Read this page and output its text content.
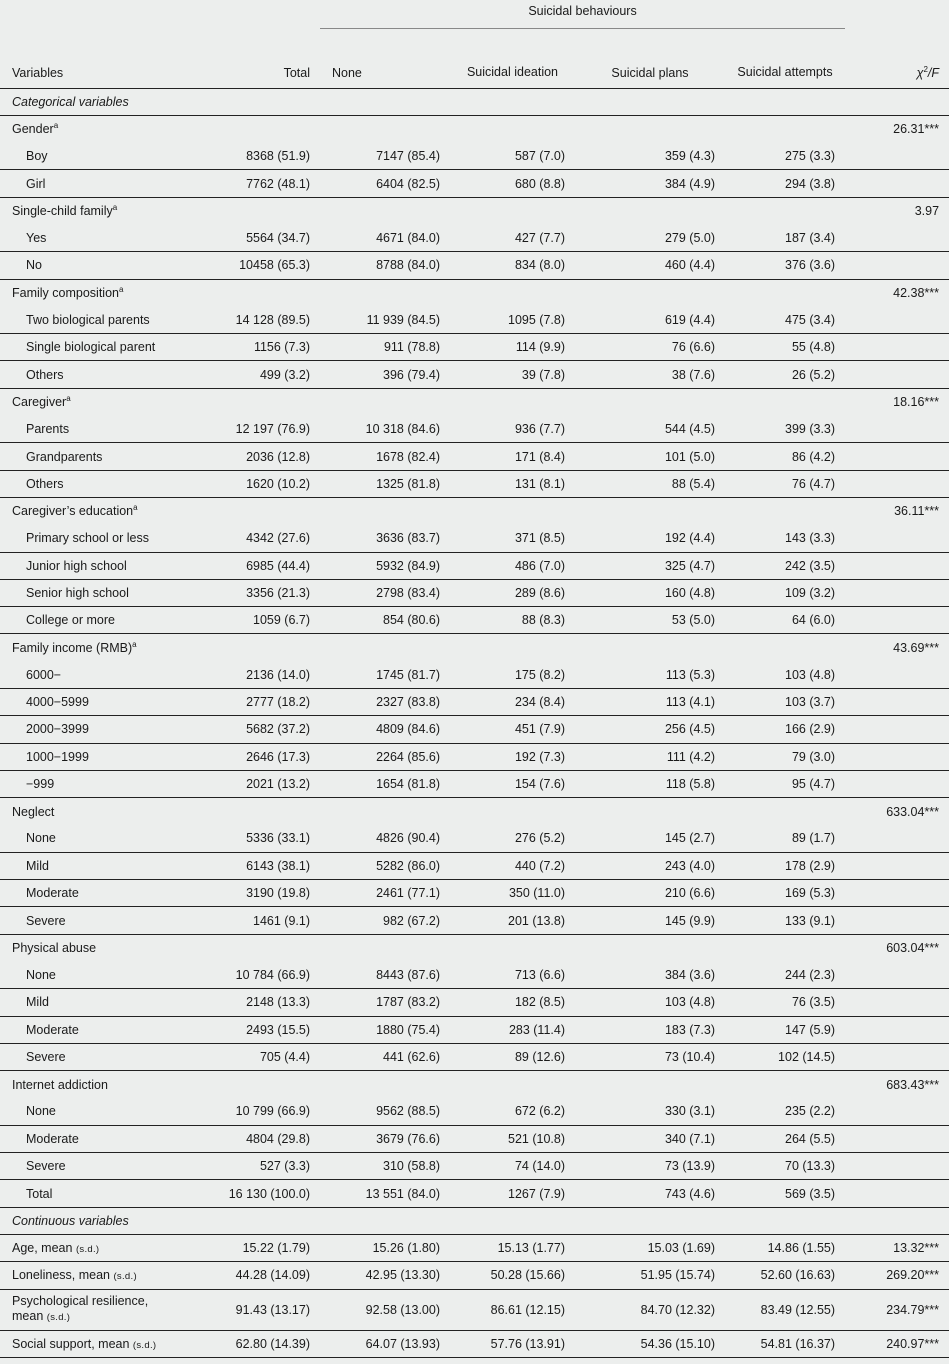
		Suicidal behaviours			

Variables	Total	None	Suicidal ideation	Suicidal plans	Suicidal attempts	$\chi^2/F$
Categorical variables						
Gender$^a$						26.31***
Boy	8368 (51.9)	7147 (85.4)	587 (7.0)	359 (4.3)	275 (3.3)	
Girl	7762 (48.1)	6404 (82.5)	680 (8.8)	384 (4.9)	294 (3.8)	
Single-child family$^a$						3.97
Yes	5564 (34.7)	4671 (84.0)	427 (7.7)	279 (5.0)	187 (3.4)	
No	10458 (65.3)	8788 (84.0)	834 (8.0)	460 (4.4)	376 (3.6)	
Family composition$^a$						42.38***
Two biological parents	14 128 (89.5)	11 939 (84.5)	1095 (7.8)	619 (4.4)	475 (3.4)	
Single biological parent	1156 (7.3)	911 (78.8)	114 (9.9)	76 (6.6)	55 (4.8)	
Others	499 (3.2)	396 (79.4)	39 (7.8)	38 (7.6)	26 (5.2)	
Caregiver$^a$						18.16***
Parents	12 197 (76.9)	10 318 (84.6)	936 (7.7)	544 (4.5)	399 (3.3)	
Grandparents	2036 (12.8)	1678 (82.4)	171 (8.4)	101 (5.0)	86 (4.2)	
Others	1620 (10.2)	1325 (81.8)	131 (8.1)	88 (5.4)	76 (4.7)	
Caregiver’s education$^a$						36.11***
Primary school or less	4342 (27.6)	3636 (83.7)	371 (8.5)	192 (4.4)	143 (3.3)	
Junior high school	6985 (44.4)	5932 (84.9)	486 (7.0)	325 (4.7)	242 (3.5)	
Senior high school	3356 (21.3)	2798 (83.4)	289 (8.6)	160 (4.8)	109 (3.2)	
College or more	1059 (6.7)	854 (80.6)	88 (8.3)	53 (5.0)	64 (6.0)	
Family income (RMB)$^a$						43.69***
6000−	2136 (14.0)	1745 (81.7)	175 (8.2)	113 (5.3)	103 (4.8)	
4000−5999	2777 (18.2)	2327 (83.8)	234 (8.4)	113 (4.1)	103 (3.7)	
2000−3999	5682 (37.2)	4809 (84.6)	451 (7.9)	256 (4.5)	166 (2.9)	
1000−1999	2646 (17.3)	2264 (85.6)	192 (7.3)	111 (4.2)	79 (3.0)	
−999	2021 (13.2)	1654 (81.8)	154 (7.6)	118 (5.8)	95 (4.7)	
Neglect						633.04***
None	5336 (33.1)	4826 (90.4)	276 (5.2)	145 (2.7)	89 (1.7)	
Mild	6143 (38.1)	5282 (86.0)	440 (7.2)	243 (4.0)	178 (2.9)	
Moderate	3190 (19.8)	2461 (77.1)	350 (11.0)	210 (6.6)	169 (5.3)	
Severe	1461 (9.1)	982 (67.2)	201 (13.8)	145 (9.9)	133 (9.1)	
Physical abuse						603.04***
None	10 784 (66.9)	8443 (87.6)	713 (6.6)	384 (3.6)	244 (2.3)	
Mild	2148 (13.3)	1787 (83.2)	182 (8.5)	103 (4.8)	76 (3.5)	
Moderate	2493 (15.5)	1880 (75.4)	283 (11.4)	183 (7.3)	147 (5.9)	
Severe	705 (4.4)	441 (62.6)	89 (12.6)	73 (10.4)	102 (14.5)	
Internet addiction						683.43***
None	10 799 (66.9)	9562 (88.5)	672 (6.2)	330 (3.1)	235 (2.2)	
Moderate	4804 (29.8)	3679 (76.6)	521 (10.8)	340 (7.1)	264 (5.5)	
Severe	527 (3.3)	310 (58.8)	74 (14.0)	73 (13.9)	70 (13.3)	
Total	16 130 (100.0)	13 551 (84.0)	1267 (7.9)	743 (4.6)	569 (3.5)	
Continuous variables						
Age, mean (s.d.)	15.22 (1.79)	15.26 (1.80)	15.13 (1.77)	15.03 (1.69)	14.86 (1.55)	13.32***
Loneliness, mean (s.d.)	44.28 (14.09)	42.95 (13.30)	50.28 (15.66)	51.95 (15.74)	52.60 (16.63)	269.20***
Psychological resilience, mean (s.d.)	91.43 (13.17)	92.58 (13.00)	86.61 (12.15)	84.70 (12.32)	83.49 (12.55)	234.79***
Social support, mean (s.d.)	62.80 (14.39)	64.07 (13.93)	57.76 (13.91)	54.36 (15.10)	54.81 (16.37)	240.97***
